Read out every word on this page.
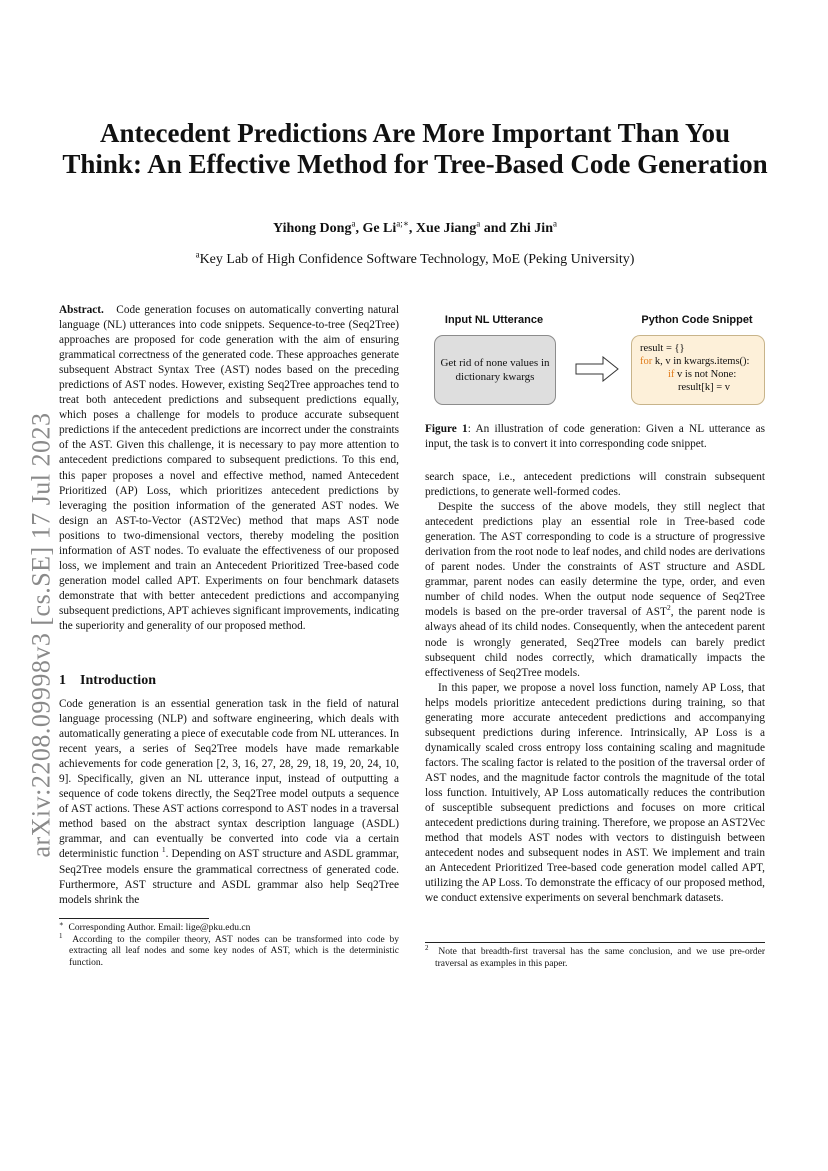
arXiv:2208.09998v3 [cs.SE] 17 Jul 2023
Antecedent Predictions Are More Important Than You Think: An Effective Method for Tree-Based Code Generation
Yihong Dong$^a$, Ge $Li^{a;∗}$, Xue Jiang$^a$ and Zhi Jin$^a$
$^a$Key Lab of High Confidence Software Technology, MoE (Peking University)

Abstract. Code generation focuses on automatically converting natural language (NL) utterances into code snippets. Sequence-to-tree (Seq2Tree) approaches are proposed for code generation with the aim of ensuring grammatical correctness of the generated code. These approaches generate subsequent Abstract Syntax Tree (AST) nodes based on the preceding predictions of AST nodes. However, existing Seq2Tree approaches tend to treat both antecedent predictions and subsequent predictions equally, which poses a challenge for models to produce accurate subsequent predictions if the antecedent predictions are incorrect under the constraints of the AST. Given this challenge, it is necessary to pay more attention to antecedent predictions compared to subsequent predictions. To this end, this paper proposes a novel and effective method, named Antecedent Prioritized (AP) Loss, which prioritizes antecedent predictions by leveraging the position information of the generated AST nodes. We design an AST-to-Vector (AST2Vec) method that maps AST node positions to two-dimensional vectors, thereby modeling the position information of AST nodes. To evaluate the effectiveness of our proposed loss, we implement and train an Antecedent Prioritized Tree-based code generation model called APT. Experiments on four benchmark datasets demonstrate that with better antecedent predictions and accompanying subsequent predictions, APT achieves significant improvements, indicating the superiority and generality of our proposed method.

1 Introduction

Code generation is an essential generation task in the field of natural language processing (NLP) and software engineering, which deals with automatically generating a piece of executable code from NL utterances. In recent years, a series of Seq2Tree models have made remarkable achievements for code generation [2, 3, 16, 27, 28, 29, 18, 19, 20, 24, 10, 9]. Specifically, given an NL utterance input, instead of outputting a sequence of code tokens directly, the Seq2Tree model outputs a sequence of AST actions. These AST actions correspond to AST nodes in a traversal method based on the abstract syntax description language (ASDL) grammar, and can eventually be converted into code via a certain deterministic function $^1$. Depending on AST structure and ASDL grammar, Seq2Tree models ensure the grammatical correctness of generated code. Furthermore, AST structure and ASDL grammar also help Seq2Tree models shrink the

∗ Corresponding Author. Email: lige@pku.edu.cn
$^1$ According to the compiler theory, AST nodes can be transformed into code by extracting all leaf nodes and some key nodes of AST, which is the deterministic function.
Input NL Utterance	Python Code Snippet
Get rid of none values in dictionary kwargs
result = {}
for k, v in kwargs.items():
if v is not None:
result[k] = v
Figure 1: An illustration of code generation: Given a NL utterance as input, the task is to convert it into corresponding code snippet.

search space, i.e., antecedent predictions will constrain subsequent predictions, to generate well-formed codes.

Despite the success of the above models, they still neglect that antecedent predictions play an essential role in Tree-based code generation. The AST corresponding to code is a structure of progressive derivation from the root node to leaf nodes, and child nodes are derivations of parent nodes. Under the constraints of AST structure and ASDL grammar, parent nodes can easily determine the type, order, and even number of child nodes. When the output node sequence of Seq2Tree models is based on the pre-order traversal of AST$^2$, the parent node is always ahead of its child nodes. Consequently, when the antecedent parent node is wrongly generated, Seq2Tree models can barely predict subsequent child nodes correctly, which dramatically impacts the effectiveness of Seq2Tree models.

In this paper, we propose a novel loss function, namely AP Loss, that helps models prioritize antecedent predictions during training, so that generating more accurate antecedent predictions and accompanying subsequent predictions during inference. Intrinsically, AP Loss is a dynamically scaled cross entropy loss containing scaling and magnitude factors. The scaling factor is related to the position of the traversal order of AST nodes, and the magnitude factor controls the magnitude of the total loss function. Intuitively, AP Loss automatically reduces the contribution of susceptible subsequent predictions and focuses on more critical antecedent predictions during training. Therefore, we propose an AST2Vec method that models AST nodes with vectors to distinguish between antecedent nodes and subsequent nodes in AST. We implement and train an Antecedent Prioritized Tree-based code generation model called APT, utilizing the AP Loss. To demonstrate the efficacy of our proposed method, we conduct extensive experiments on several benchmark datasets.

$^2$ Note that breadth-first traversal has the same conclusion, and we use pre-order traversal as examples in this paper.
